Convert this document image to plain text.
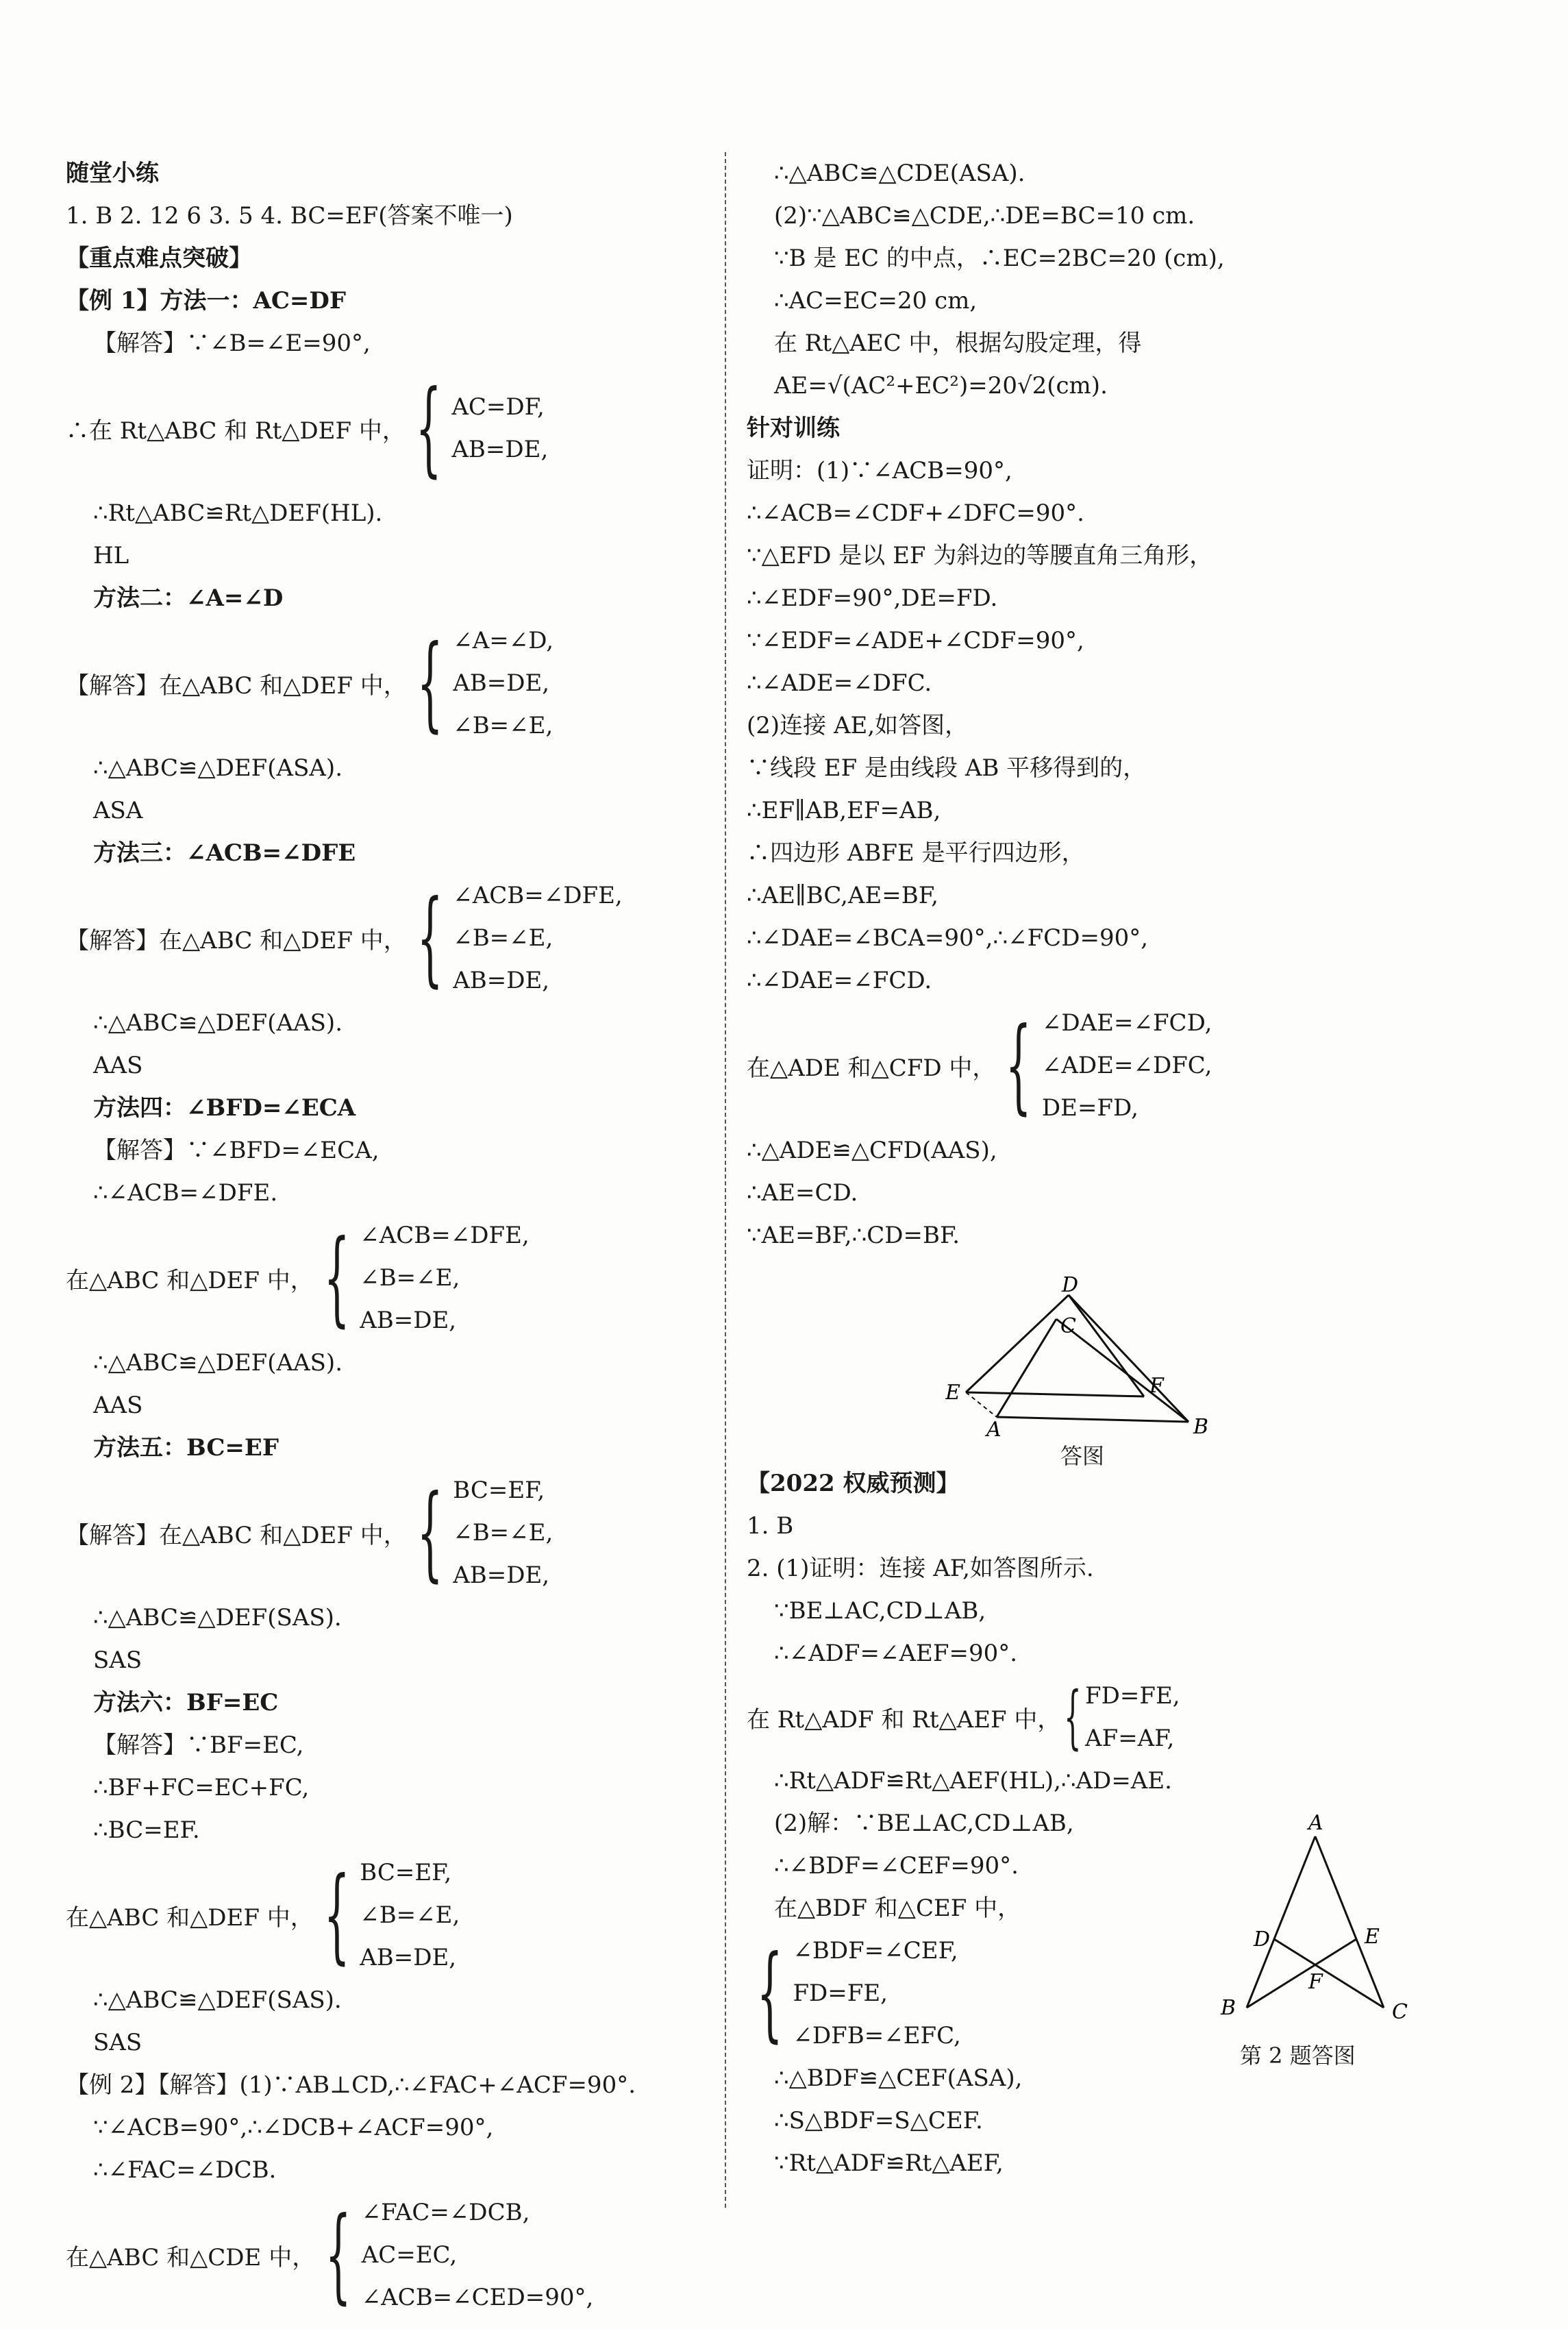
随堂小练
1. B 2. 12 6 3. 5 4. BC=EF(答案不唯一)
【重点难点突破】
【例 1】方法一：AC=DF
【解答】∵∠B=∠E=90°,
∴在 Rt△ABC 和 Rt△DEF 中， { AC=DF,
AB=DE,
∴Rt△ABC≌Rt△DEF(HL).
HL
方法二：∠A=∠D
【解答】在△ABC 和△DEF 中， { ∠A=∠D,
AB=DE,
∠B=∠E,
∴△ABC≌△DEF(ASA).
ASA
方法三：∠ACB=∠DFE
【解答】在△ABC 和△DEF 中， { ∠ACB=∠DFE,
∠B=∠E,
AB=DE,
∴△ABC≌△DEF(AAS).
AAS
方法四：∠BFD=∠ECA
【解答】∵∠BFD=∠ECA,
∴∠ACB=∠DFE.
在△ABC 和△DEF 中， { ∠ACB=∠DFE,
∠B=∠E,
AB=DE,
∴△ABC≌△DEF(AAS).
AAS
方法五：BC=EF
【解答】在△ABC 和△DEF 中， { BC=EF,
∠B=∠E,
AB=DE,
∴△ABC≌△DEF(SAS).
SAS
方法六：BF=EC
【解答】∵BF=EC,
∴BF+FC=EC+FC,
∴BC=EF.
在△ABC 和△DEF 中， { BC=EF,
∠B=∠E,
AB=DE,
∴△ABC≌△DEF(SAS).
SAS
【例 2】【解答】(1)∵AB⊥CD,∴∠FAC+∠ACF=90°.
∵∠ACB=90°,∴∠DCB+∠ACF=90°,
∴∠FAC=∠DCB.
在△ABC 和△CDE 中， { ∠FAC=∠DCB,
AC=EC,
∠ACB=∠CED=90°,
∴△ABC≌△CDE(ASA).
(2)∵△ABC≌△CDE,∴DE=BC=10 cm.
∵B 是 EC 的中点，∴EC=2BC=20 (cm),
∴AC=EC=20 cm,
在 Rt△AEC 中，根据勾股定理，得
AE=√(AC²+EC²)=20√2(cm).
针对训练
证明：(1)∵∠ACB=90°,
∴∠ACB=∠CDF+∠DFC=90°.
∵△EFD 是以 EF 为斜边的等腰直角三角形，
∴∠EDF=90°,DE=FD.
∵∠EDF=∠ADE+∠CDF=90°,
∴∠ADE=∠DFC.
(2)连接 AE,如答图，
∵线段 EF 是由线段 AB 平移得到的，
∴EF∥AB,EF=AB,
∴四边形 ABFE 是平行四边形，
∴AE∥BC,AE=BF,
∴∠DAE=∠BCA=90°,∴∠FCD=90°,
∴∠DAE=∠FCD.
在△ADE 和△CFD 中， { ∠DAE=∠FCD,
∠ADE=∠DFC,
DE=FD,
∴△ADE≌△CFD(AAS),
∴AE=CD.
∵AE=BF,∴CD=BF.
【2022 权威预测】
1. B
2. (1)证明：连接 AF,如答图所示.
∵BE⊥AC,CD⊥AB,
∴∠ADF=∠AEF=90°.
在 Rt△ADF 和 Rt△AEF 中， { FD=FE,
AF=AF,
∴Rt△ADF≌Rt△AEF(HL),∴AD=AE.
(2)解：∵BE⊥AC,CD⊥AB,
∴∠BDF=∠CEF=90°.
在△BDF 和△CEF 中，
{ ∠BDF=∠CEF,
FD=FE,
∠DFB=∠EFC,
∴△BDF≌△CEF(ASA),
∴S△BDF=S△CEF.
∵Rt△ADF≌Rt△AEF,
D
C
E	F
A	B
答图
A
D	E
F
B	C
第 2 题答图
